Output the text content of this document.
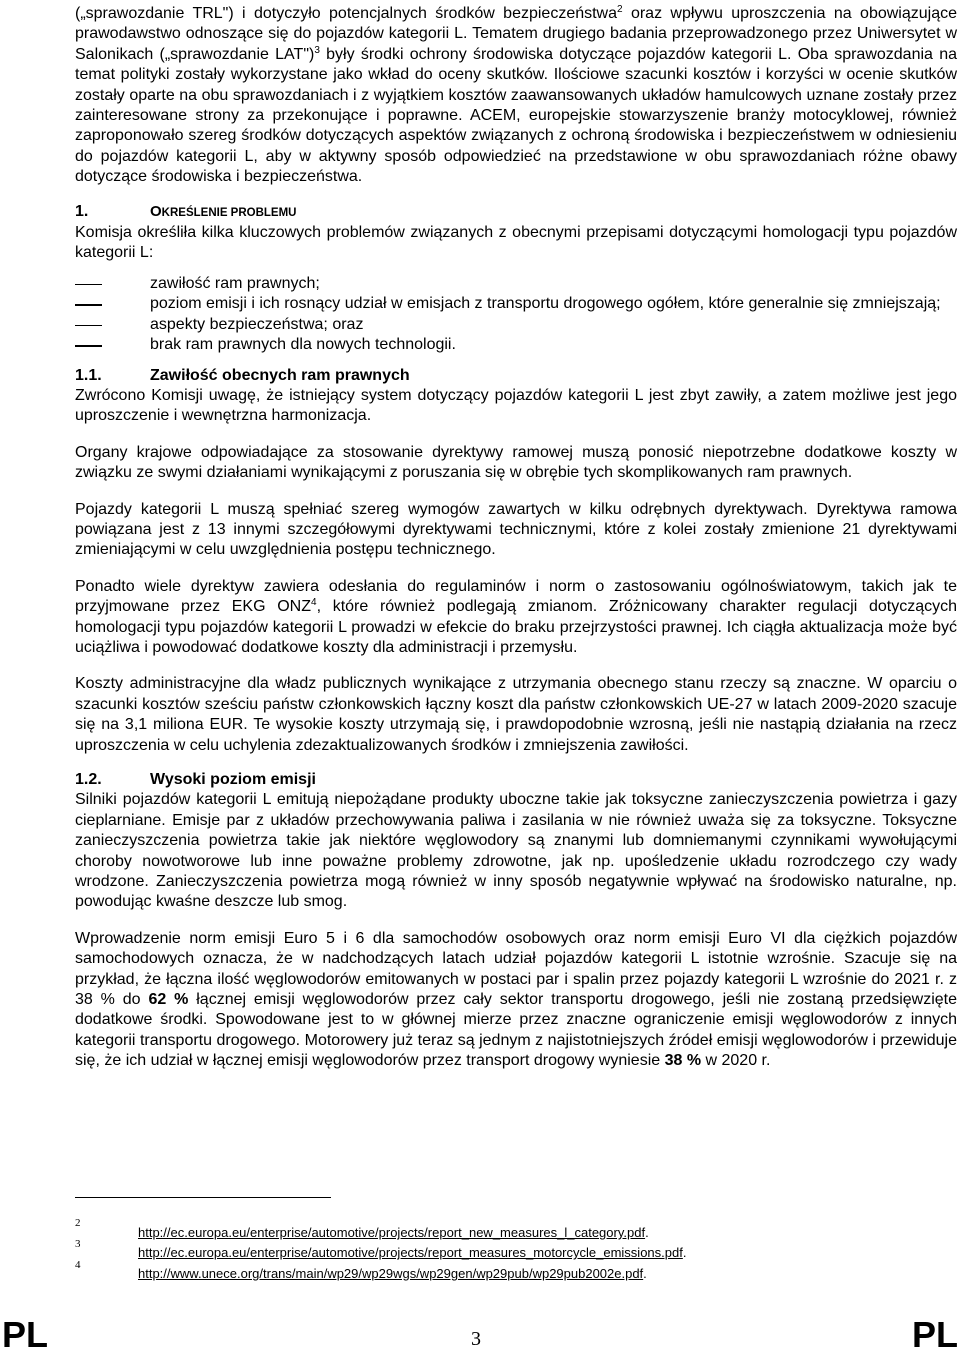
(„sprawozdanie TRL") i dotyczyło potencjalnych środków bezpieczeństwa$^2$ oraz wpływu uproszczenia na obowiązujące prawodawstwo odnoszące się do pojazdów kategorii L. Tematem drugiego badania przeprowadzonego przez Uniwersytet w Salonikach („sprawozdanie LAT")$^3$ były środki ochrony środowiska dotyczące pojazdów kategorii L. Oba sprawozdania na temat polityki zostały wykorzystane jako wkład do oceny skutków. Ilościowe szacunki kosztów i korzyści w ocenie skutków zostały oparte na obu sprawozdaniach i z wyjątkiem kosztów zaawansowanych układów hamulcowych uznane zostały przez zainteresowane strony za przekonujące i poprawne. ACEM, europejskie stowarzyszenie branży motocyklowej, również zaproponowało szereg środków dotyczących aspektów związanych z ochroną środowiska i bezpieczeństwem w odniesieniu do pojazdów kategorii L, aby w aktywny sposób odpowiedzieć na przedstawione w obu sprawozdaniach różne obawy dotyczące środowiska i bezpieczeństwa.

1.	OKREŚLENIE PROBLEMU

Komisja określiła kilka kluczowych problemów związanych z obecnymi przepisami dotyczącymi homologacji typu pojazdów kategorii L:

zawiłość ram prawnych;
poziom emisji i ich rosnący udział w emisjach z transportu drogowego ogółem, które generalnie się zmniejszają;
aspekty bezpieczeństwa; oraz
brak ram prawnych dla nowych technologii.
1.1.	Zawiłość obecnych ram prawnych

Zwrócono Komisji uwagę, że istniejący system dotyczący pojazdów kategorii L jest zbyt zawiły, a zatem możliwe jest jego uproszczenie i wewnętrzna harmonizacja.

Organy krajowe odpowiadające za stosowanie dyrektywy ramowej muszą ponosić niepotrzebne dodatkowe koszty w związku ze swymi działaniami wynikającymi z poruszania się w obrębie tych skomplikowanych ram prawnych.

Pojazdy kategorii L muszą spełniać szereg wymogów zawartych w kilku odrębnych dyrektywach. Dyrektywa ramowa powiązana jest z 13 innymi szczegółowymi dyrektywami technicznymi, które z kolei zostały zmienione 21 dyrektywami zmieniającymi w celu uwzględnienia postępu technicznego.

Ponadto wiele dyrektyw zawiera odesłania do regulaminów i norm o zastosowaniu ogólnoświatowym, takich jak te przyjmowane przez EKG ONZ$^4$, które również podlegają zmianom. Zróżnicowany charakter regulacji dotyczących homologacji typu pojazdów kategorii L prowadzi w efekcie do braku przejrzystości prawnej. Ich ciągła aktualizacja może być uciążliwa i powodować dodatkowe koszty dla administracji i przemysłu.

Koszty administracyjne dla władz publicznych wynikające z utrzymania obecnego stanu rzeczy są znaczne. W oparciu o szacunki kosztów sześciu państw członkowskich łączny koszt dla państw członkowskich UE-27 w latach 2009-2020 szacuje się na 3,1 miliona EUR. Te wysokie koszty utrzymają się, i prawdopodobnie wzrosną, jeśli nie nastąpią działania na rzecz uproszczenia w celu uchylenia zdezaktualizowanych środków i zmniejszenia zawiłości.

1.2.	Wysoki poziom emisji

Silniki pojazdów kategorii L emitują niepożądane produkty uboczne takie jak toksyczne zanieczyszczenia powietrza i gazy cieplarniane. Emisje par z układów przechowywania paliwa i zasilania w nie również uważa się za toksyczne. Toksyczne zanieczyszczenia powietrza takie jak niektóre węglowodory są znanymi lub domniemanymi czynnikami wywołującymi choroby nowotworowe lub inne poważne problemy zdrowotne, jak np. upośledzenie układu rozrodczego czy wady wrodzone. Zanieczyszczenia powietrza mogą również w inny sposób negatywnie wpływać na środowisko naturalne, np. powodując kwaśne deszcze lub smog.

Wprowadzenie norm emisji Euro 5 i 6 dla samochodów osobowych oraz norm emisji Euro VI dla ciężkich pojazdów samochodowych oznacza, że w nadchodzących latach udział pojazdów kategorii L istotnie wzrośnie. Szacuje się na przykład, że łączna ilość węglowodorów emitowanych w postaci par i spalin przez pojazdy kategorii L wzrośnie do 2021 r. z 38 % do 62 % łącznej emisji węglowodorów przez cały sektor transportu drogowego, jeśli nie zostaną przedsięwzięte dodatkowe środki. Spowodowane jest to w głównej mierze przez znaczne ograniczenie emisji węglowodorów z innych kategorii transportu drogowego. Motorowery już teraz są jednym z najistotniejszych źródeł emisji węglowodorów i przewiduje się, że ich udział w łącznej emisji węglowodorów przez transport drogowy wyniesie 38 % w 2020 r.

2
3
4
http://ec.europa.eu/enterprise/automotive/projects/report_new_measures_l_category.pdf.
http://ec.europa.eu/enterprise/automotive/projects/report_measures_motorcycle_emissions.pdf.
http://www.unece.org/trans/main/wp29/wp29wgs/wp29gen/wp29pub/wp29pub2002e.pdf.
PL	3	PL
